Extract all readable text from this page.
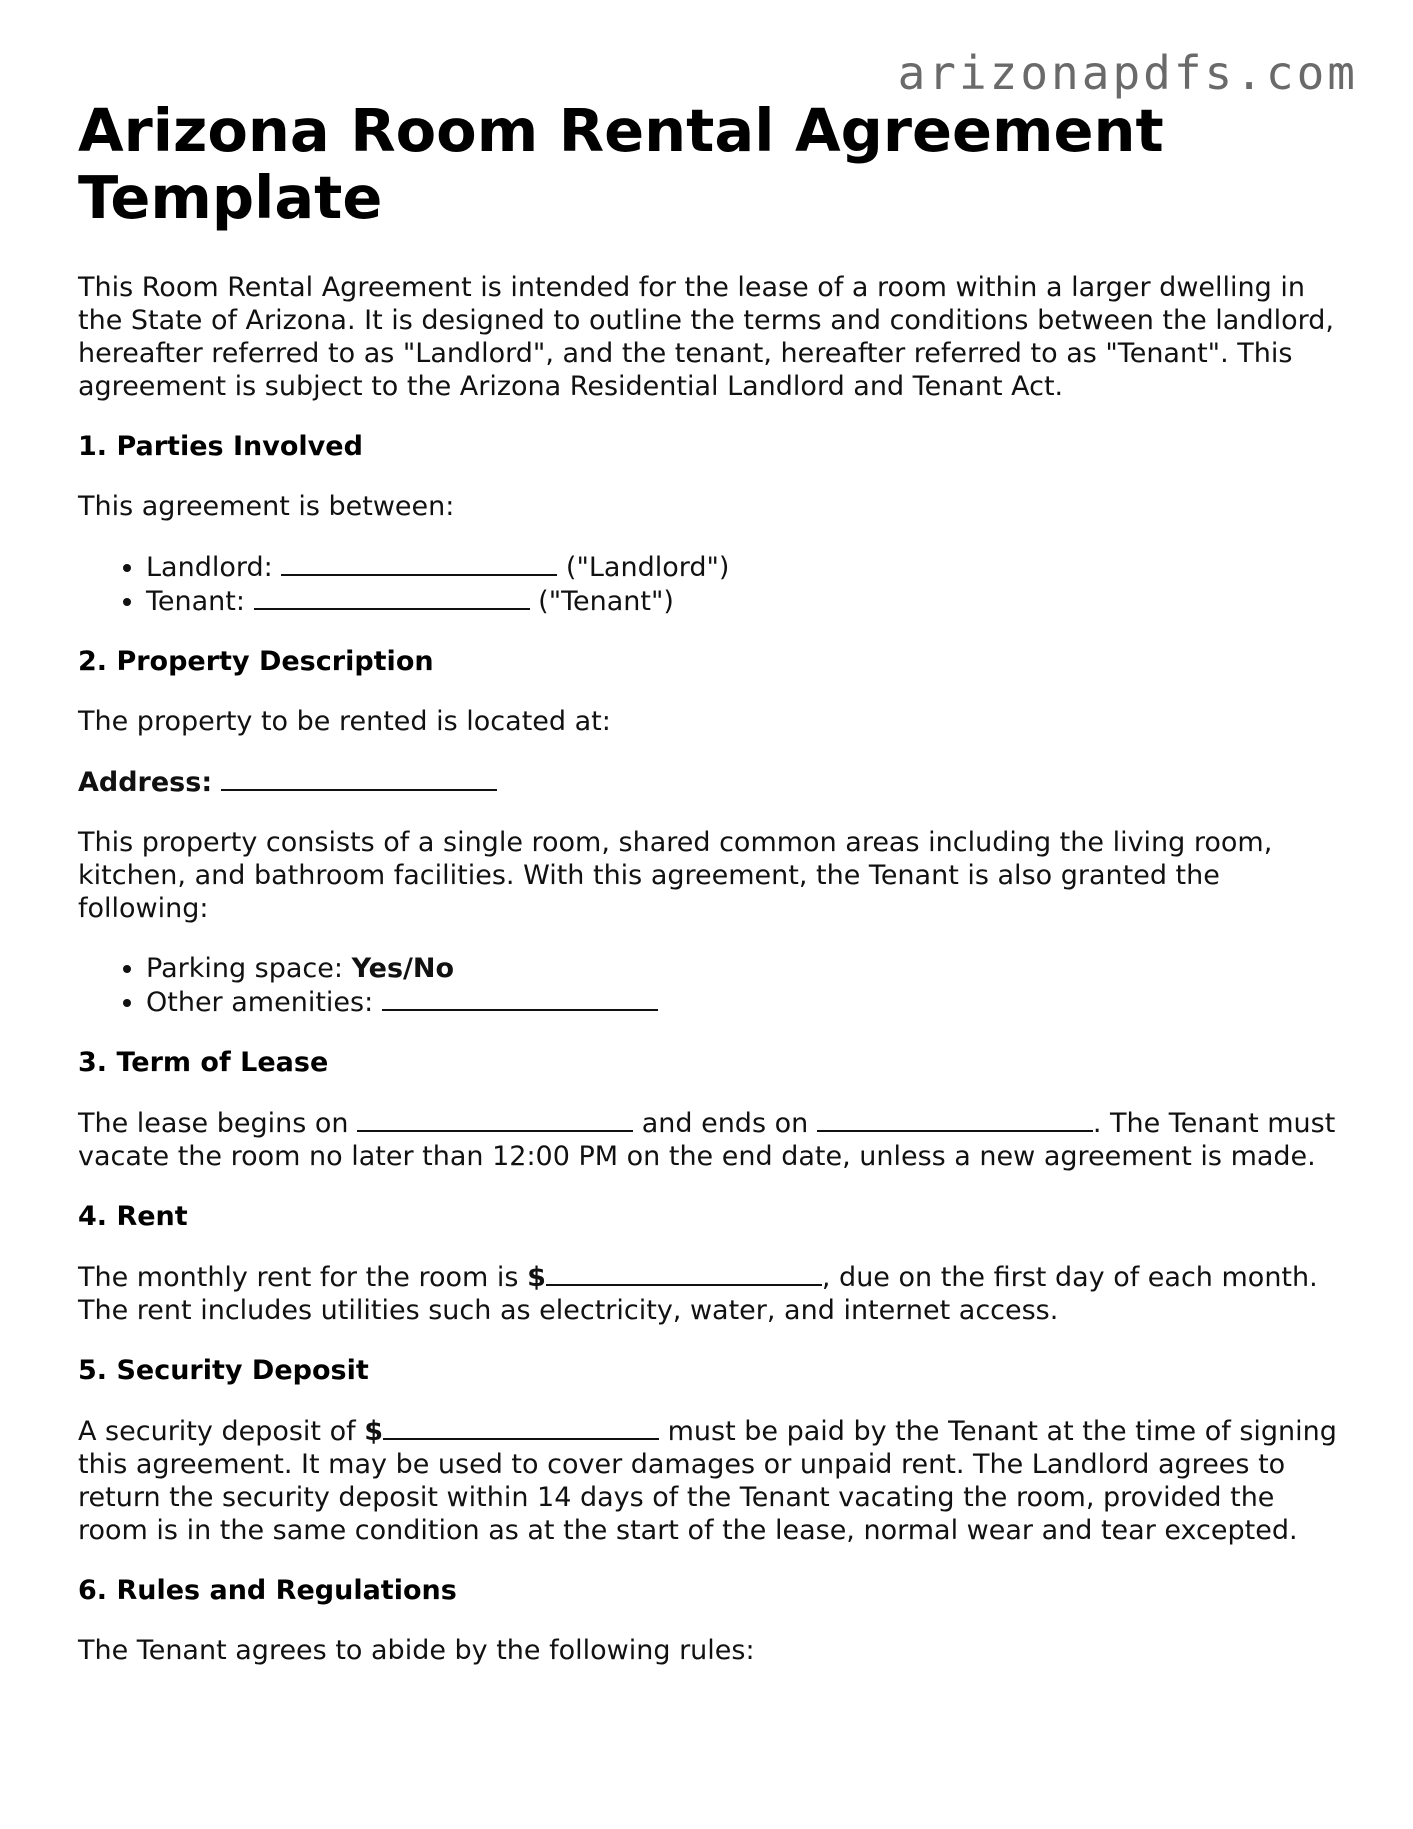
arizonapdfs.com
Arizona Room Rental Agreement Template

This Room Rental Agreement is intended for the lease of a room within a larger dwelling in the State of Arizona. It is designed to outline the terms and conditions between the landlord, hereafter referred to as "Landlord", and the tenant, hereafter referred to as "Tenant". This agreement is subject to the Arizona Residential Landlord and Tenant Act.

1. Parties Involved

This agreement is between:

• Landlord:	("Landlord")
• Tenant:	("Tenant")
2. Property Description

The property to be rented is located at:

Address:

This property consists of a single room, shared common areas including the living room, kitchen, and bathroom facilities. With this agreement, the Tenant is also granted the following:

• Parking space: Yes/No
• Other amenities:
3. Term of Lease

The lease begins on	and ends on	. The Tenant must vacate the room no later than 12:00 PM on the end date, unless a new agreement is made.

4. Rent

The monthly rent for the room is $	, due on the first day of each month. The rent includes utilities such as electricity, water, and internet access.

5. Security Deposit

A security deposit of $	must be paid by the Tenant at the time of signing this agreement. It may be used to cover damages or unpaid rent. The Landlord agrees to return the security deposit within 14 days of the Tenant vacating the room, provided the room is in the same condition as at the start of the lease, normal wear and tear excepted.

6. Rules and Regulations

The Tenant agrees to abide by the following rules:
